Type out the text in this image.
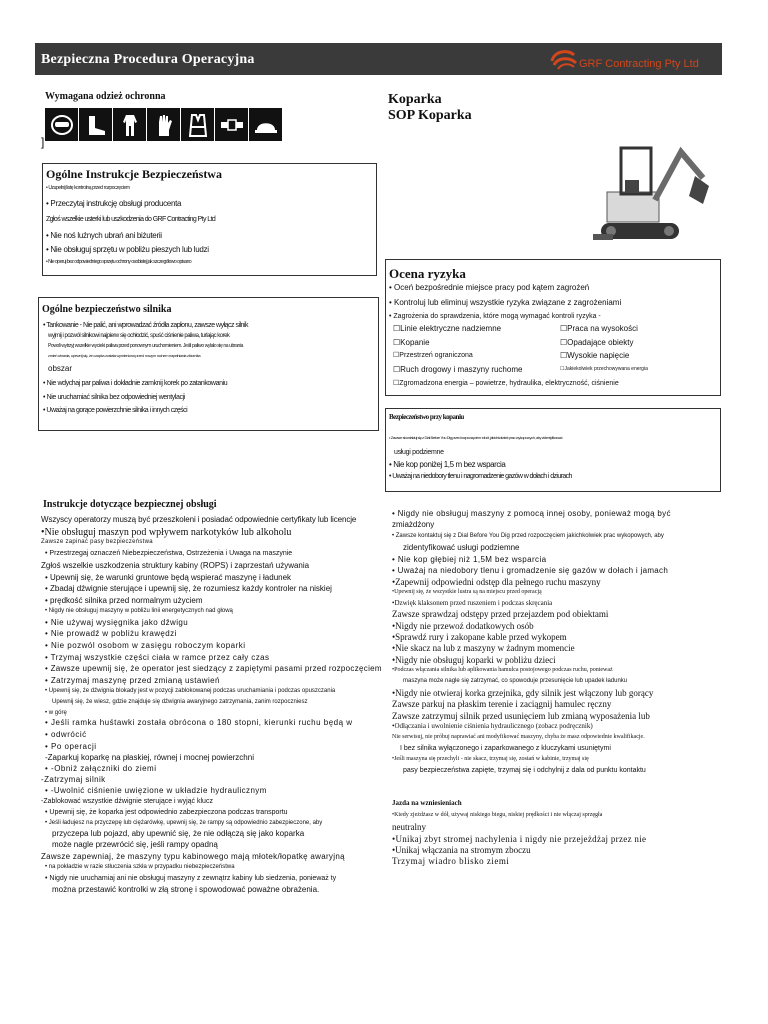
Bezpieczna Procedura Operacyjna	GRF Contracting Pty Ltd
Wymagana odzież ochronna
]
Koparka
SOP Koparka
Ogólne Instrukcje Bezpieczeństwa
• Uzupełnij listę kontrolną przed rozpoczęciem
• Przeczytaj instrukcję obsługi producenta
Zgłoś wszelkie usterki lub uszkodzenia do GRF Contracting Pty Ltd
• Nie noś luźnych ubrań ani biżuterii
• Nie obsługuj sprzętu w pobliżu pieszych lub ludzi
• Nie operuj bez odpowiedniego sprzętu ochrony osobistej jak szczegółowo opisano
Ogólne bezpieczeństwo silnika
• Tankowanie - Nie palić, ani wprowadzać źródła zapłonu, zawsze wyłącz silnik
wyjmij i pozwól silnikowi najpierw się ochłodzić, spuść ciśnienie paliwa, turlając korek
Powoli wytrzyj wszelkie wycieki paliwa przed ponownym uruchomieniem. Jeśli paliwo wylało się na ubrania
zmień ubrania, upewnij się, że czapka została wymieniona przed nowym ruchem napełniania zbiornika
obszar
• Nie wdychaj par paliwa i dokładnie zamknij korek po zatankowaniu
• Nie uruchamiać silnika bez odpowiedniej wentylacji
• Uważaj na gorące powierzchnie silnika i innych części
Ocena ryzyka
• Oceń bezpośrednie miejsce pracy pod kątem zagrożeń
• Kontroluj lub eliminuj wszystkie ryzyka związane z zagrożeniami
• Zagrożenia do sprawdzenia, które mogą wymagać kontroli ryzyka -
☐Linie elektryczne nadziemne	☐Praca na wysokości
☐Kopanie	☐Opadające obiekty
☐Przestrzeń ograniczona	☐Wysokie napięcie
☐Ruch drogowy i maszyny ruchome	☐Jakiekolwiek przechowywana energia
☐Zgromadzona energia – powietrze, hydraulika, elektryczność, ciśnienie
Bezpieczeństwo przy kopaniu
• Zawsze skontaktuj się z Dial Before You Dig przed rozpoczęciem robót, jakichkolwiek prac wykopowych, aby zidentyfikować
usługi podziemne
• Nie kop poniżej 1,5 m bez wsparcia
• Uważaj na niedobory tlenu i nagromadzenie gazów w dołach i dziurach
Instrukcje dotyczące bezpiecznej obsługi
Wszyscy operatorzy muszą być przeszkoleni i posiadać odpowiednie certyfikaty lub licencje
•Nie obsługuj maszyn pod wpływem narkotyków lub alkoholu
Zawsze zapinać pasy bezpieczeństwa
• Przestrzegaj oznaczeń Niebezpieczeństwa, Ostrzeżenia i Uwaga na maszynie
Zgłoś wszelkie uszkodzenia struktury kabiny (ROPS) i zaprzestań używania
• Upewnij się, że warunki gruntowe będą wspierać maszynę i ładunek
• Zbadaj dźwignie sterujące i upewnij się, że rozumiesz każdy kontroler na niskiej
• prędkość silnika przed normalnym użyciem
• Nigdy nie obsługuj maszyny w pobliżu linii energetycznych nad głową
• Nie używaj wysięgnika jako dźwigu
• Nie prowadź w pobliżu krawędzi
• Nie pozwól osobom w zasięgu roboczym koparki
• Trzymaj wszystkie części ciała w ramce przez cały czas
• Zawsze upewnij się, że operator jest siedzący z zapiętymi pasami przed rozpoczęciem
• Zatrzymaj maszynę przed zmianą ustawień
• Upewnij się, że dźwignia blokady jest w pozycji zablokowanej podczas uruchamiania i podczas opuszczania
Upewnij się, że wiesz, gdzie znajduje się dźwignia awaryjnego zatrzymania, zanim rozpoczniesz
• w górę
• Jeśli ramka huśtawki została obrócona o 180 stopni, kierunki ruchu będą w
• odwrócić
• Po operacji
-Zaparkuj koparkę na płaskiej, równej i mocnej powierzchni
• -Obniż załączniki do ziemi
-Zatrzymaj silnik
• -Uwolnić ciśnienie uwięzione w układzie hydraulicznym
-Zablokować wszystkie dźwignie sterujące i wyjąć klucz
• Upewnij się, że koparka jest odpowiednio zabezpieczona podczas transportu
• Jeśli ładujesz na przyczepę lub ciężarówkę, upewnij się, że rampy są odpowiednio zabezpieczone, aby
przyczepa lub pojazd, aby upewnić się, że nie odłączą się jako koparka
może nagle przewrócić się, jeśli rampy opadną
Zawsze zapewniaj, że maszyny typu kabinowego mają młotek/łopatkę awaryjną
• na pokładzie w razie stłuczenia szkła w przypadku niebezpieczeństwa
• Nigdy nie uruchamiaj ani nie obsługuj maszyny z zewnątrz kabiny lub siedzenia, ponieważ ty
można przestawić kontrolki w złą stronę i spowodować poważne obrażenia.
• Nigdy nie obsługuj maszyny z pomocą innej osoby, ponieważ mogą być
zmiażdżony
• Zawsze kontaktuj się z Dial Before You Dig przed rozpoczęciem jakichkolwiek prac wykopowych, aby
zidentyfikować usługi podziemne
• Nie kop głębiej niż 1,5M bez wsparcia
• Uważaj na niedobory tlenu i gromadzenie się gazów w dołach i jamach
•Zapewnij odpowiedni odstęp dla pełnego ruchu maszyny
•Upewnij się, że wszystkie lustra są na miejscu przed operacją
•Dzwięk klaksonem przed ruszeniem i podczas skręcania
Zawsze sprawdzaj odstępy przed przejazdem pod obiektami
•Nigdy nie przewoź dodatkowych osób
•Sprawdź rury i zakopane kable przed wykopem
•Nie skacz na lub z maszyny w żadnym momencie
•Nigdy nie obsługuj koparki w pobliżu dzieci
•Podczas włączania silnika lub aplikowania hamulca postojowego podczas ruchu, ponieważ
maszyna może nagle się zatrzymać, co spowoduje przesunięcie lub upadek ładunku
•Nigdy nie otwieraj korka grzejnika, gdy silnik jest włączony lub gorący
Zawsze parkuj na płaskim terenie i zaciągnij hamulec ręczny
Zawsze zatrzymuj silnik przed usunięciem lub zmianą wyposażenia lub
•Odłączania i uwolnienie ciśnienia hydraulicznego (zobacz podręcznik)
Nie serwisuj, nie próbuj naprawiać ani modyfikować maszyny, chyba że masz odpowiednie kwalifikacje.
I bez silnika wyłączonego i zaparkowanego z kluczykami usuniętymi
•Jeśli maszyna się przechyli - nie skacz, trzymaj się, zostań w kabinie, trzymaj się
pasy bezpieczeństwa zapięte, trzymaj się i odchylnij z dala od punktu kontaktu
Jazda na wzniesieniach
•Kiedy zjeżdżasz w dół, używaj niskiego biegu, niskiej prędkości i nie włączaj sprzęgła
neutralny
•Unikaj zbyt stromej nachylenia i nigdy nie przejeżdżaj przez nie
•Unikaj włączania na stromym zboczu
Trzymaj wiadro blisko ziemi
